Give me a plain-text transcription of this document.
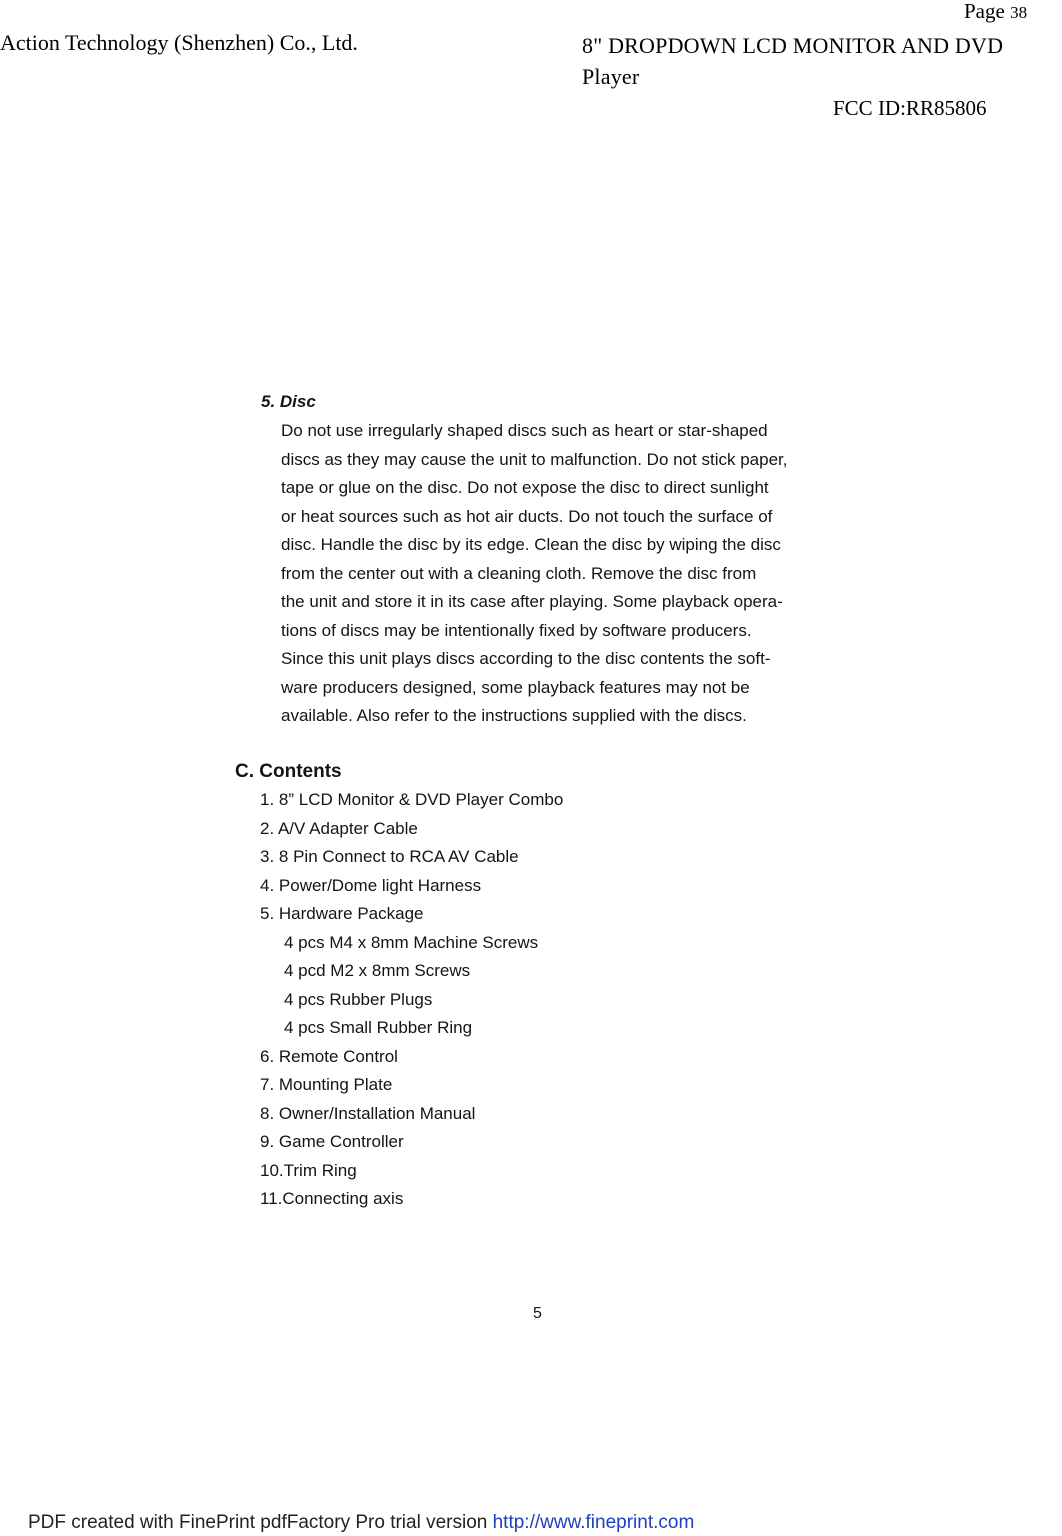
Page 38
Action Technology (Shenzhen) Co., Ltd.	8" DROPDOWN LCD MONITOR AND DVD
Player
FCC ID:RR85806
5. Disc
Do not use irregularly shaped discs such as heart or star-shaped
discs as they may cause the unit to malfunction. Do not stick paper,
tape or glue on the disc. Do not expose the disc to direct sunlight
or heat sources such as hot air ducts. Do not touch the surface of
disc. Handle the disc by its edge. Clean the disc by wiping the disc
from the center out with a cleaning cloth. Remove the disc from
the unit and store it in its case after playing. Some playback opera-
tions of discs may be intentionally fixed by software producers.
Since this unit plays discs according to the disc contents the soft-
ware producers designed, some playback features may not be
available. Also refer to the instructions supplied with the discs.
C. Contents
1. 8” LCD Monitor & DVD Player Combo
2. A/V Adapter Cable
3. 8 Pin Connect to RCA AV Cable
4. Power/Dome light Harness
5. Hardware Package
4 pcs M4 x 8mm Machine Screws
4 pcd M2 x 8mm Screws
4 pcs Rubber Plugs
4 pcs Small Rubber Ring
6. Remote Control
7. Mounting Plate
8. Owner/Installation Manual
9. Game Controller
10.Trim Ring
11.Connecting axis
5
PDF created with FinePrint pdfFactory Pro trial version http://www.fineprint.com
